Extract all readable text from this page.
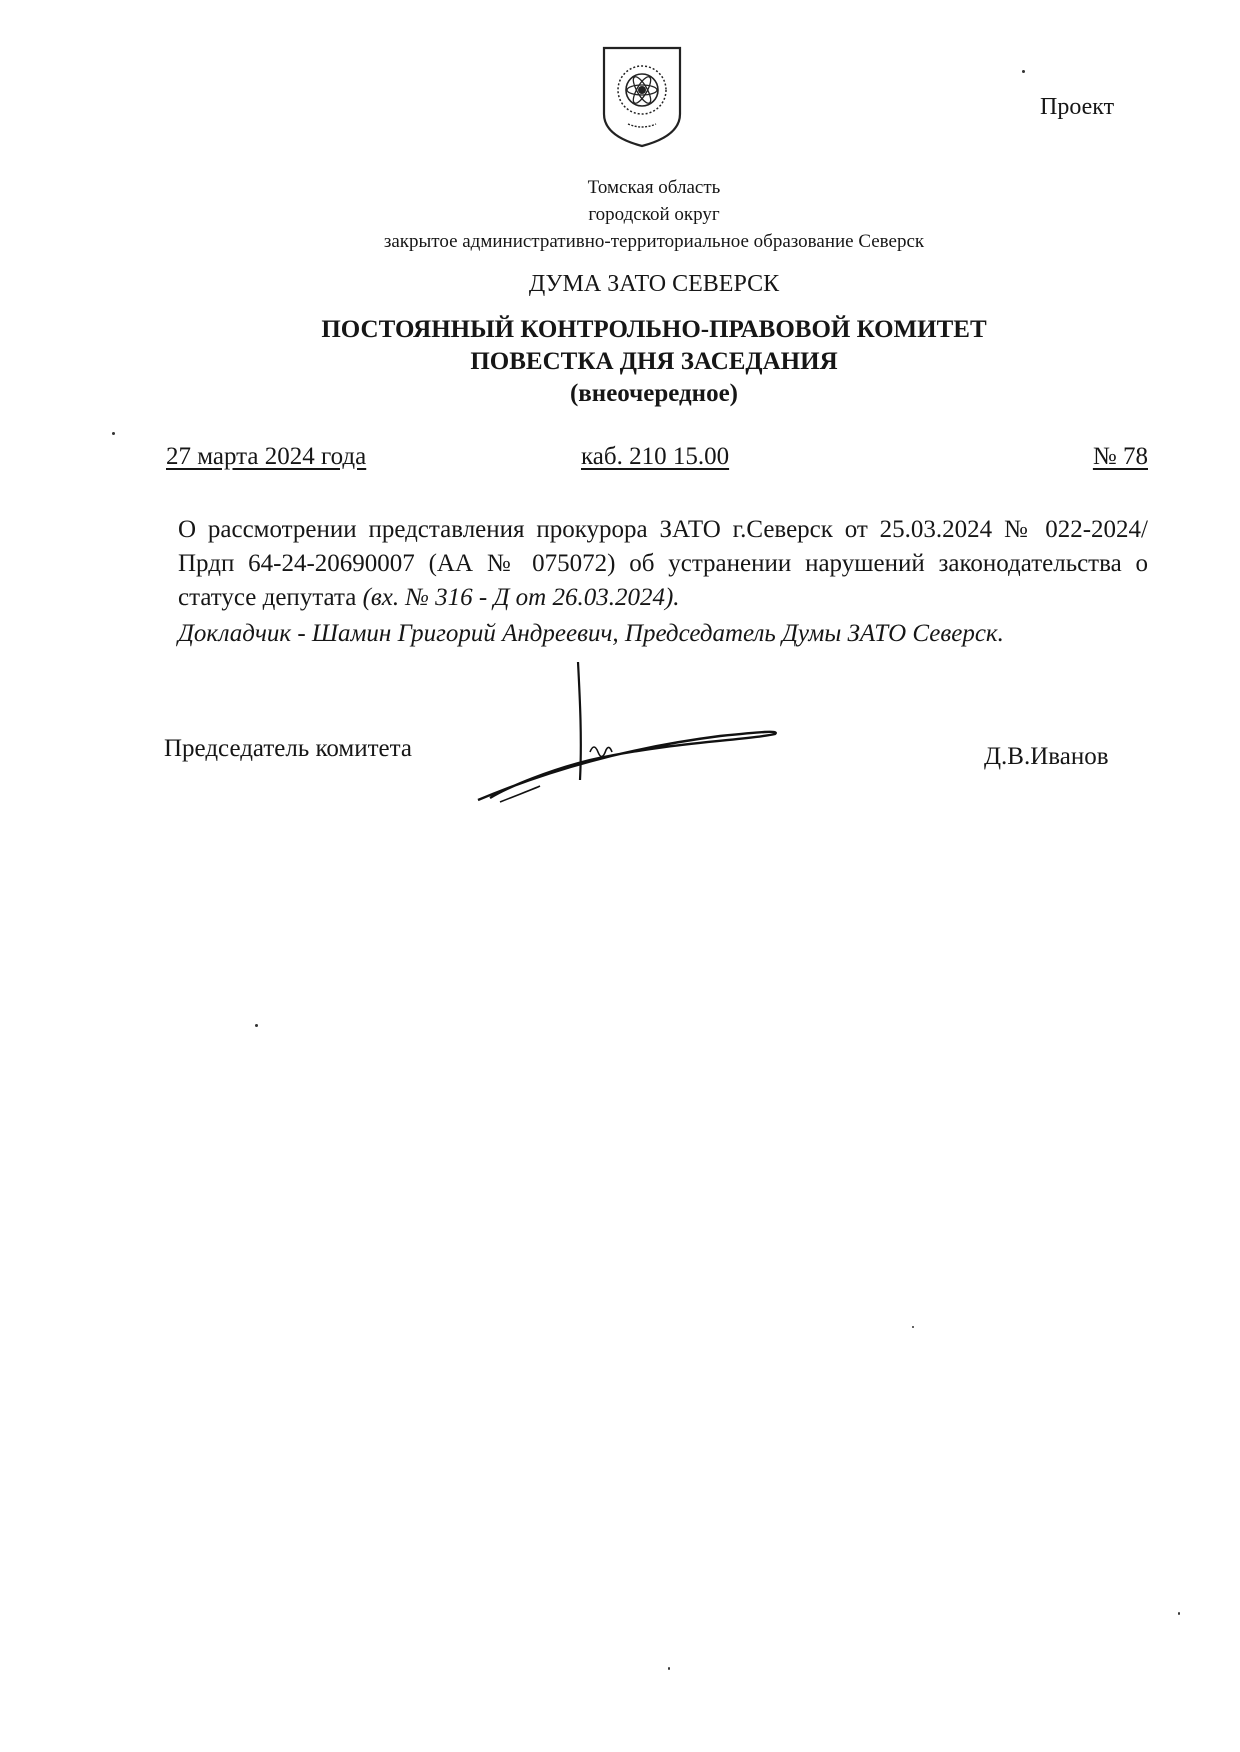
Проект
Томская область
городской округ
закрытое административно-территориальное образование Северск
ДУМА ЗАТО СЕВЕРСК
ПОСТОЯННЫЙ КОНТРОЛЬНО-ПРАВОВОЙ КОМИТЕТ
ПОВЕСТКА ДНЯ ЗАСЕДАНИЯ
(внеочередное)
27 марта 2024 года	каб. 210 15.00	№ 78

О рассмотрении представления прокурора ЗАТО г.Северск от 25.03.2024 № 022-2024/Прдп 64-24-20690007 (АА № 075072) об устранении нарушений законодательства о статусе депутата (вх. № 316 - Д от 26.03.2024).

Докладчик - Шамин Григорий Андреевич, Председатель Думы ЗАТО Северск.
Председатель комитета	Д.В.Иванов
